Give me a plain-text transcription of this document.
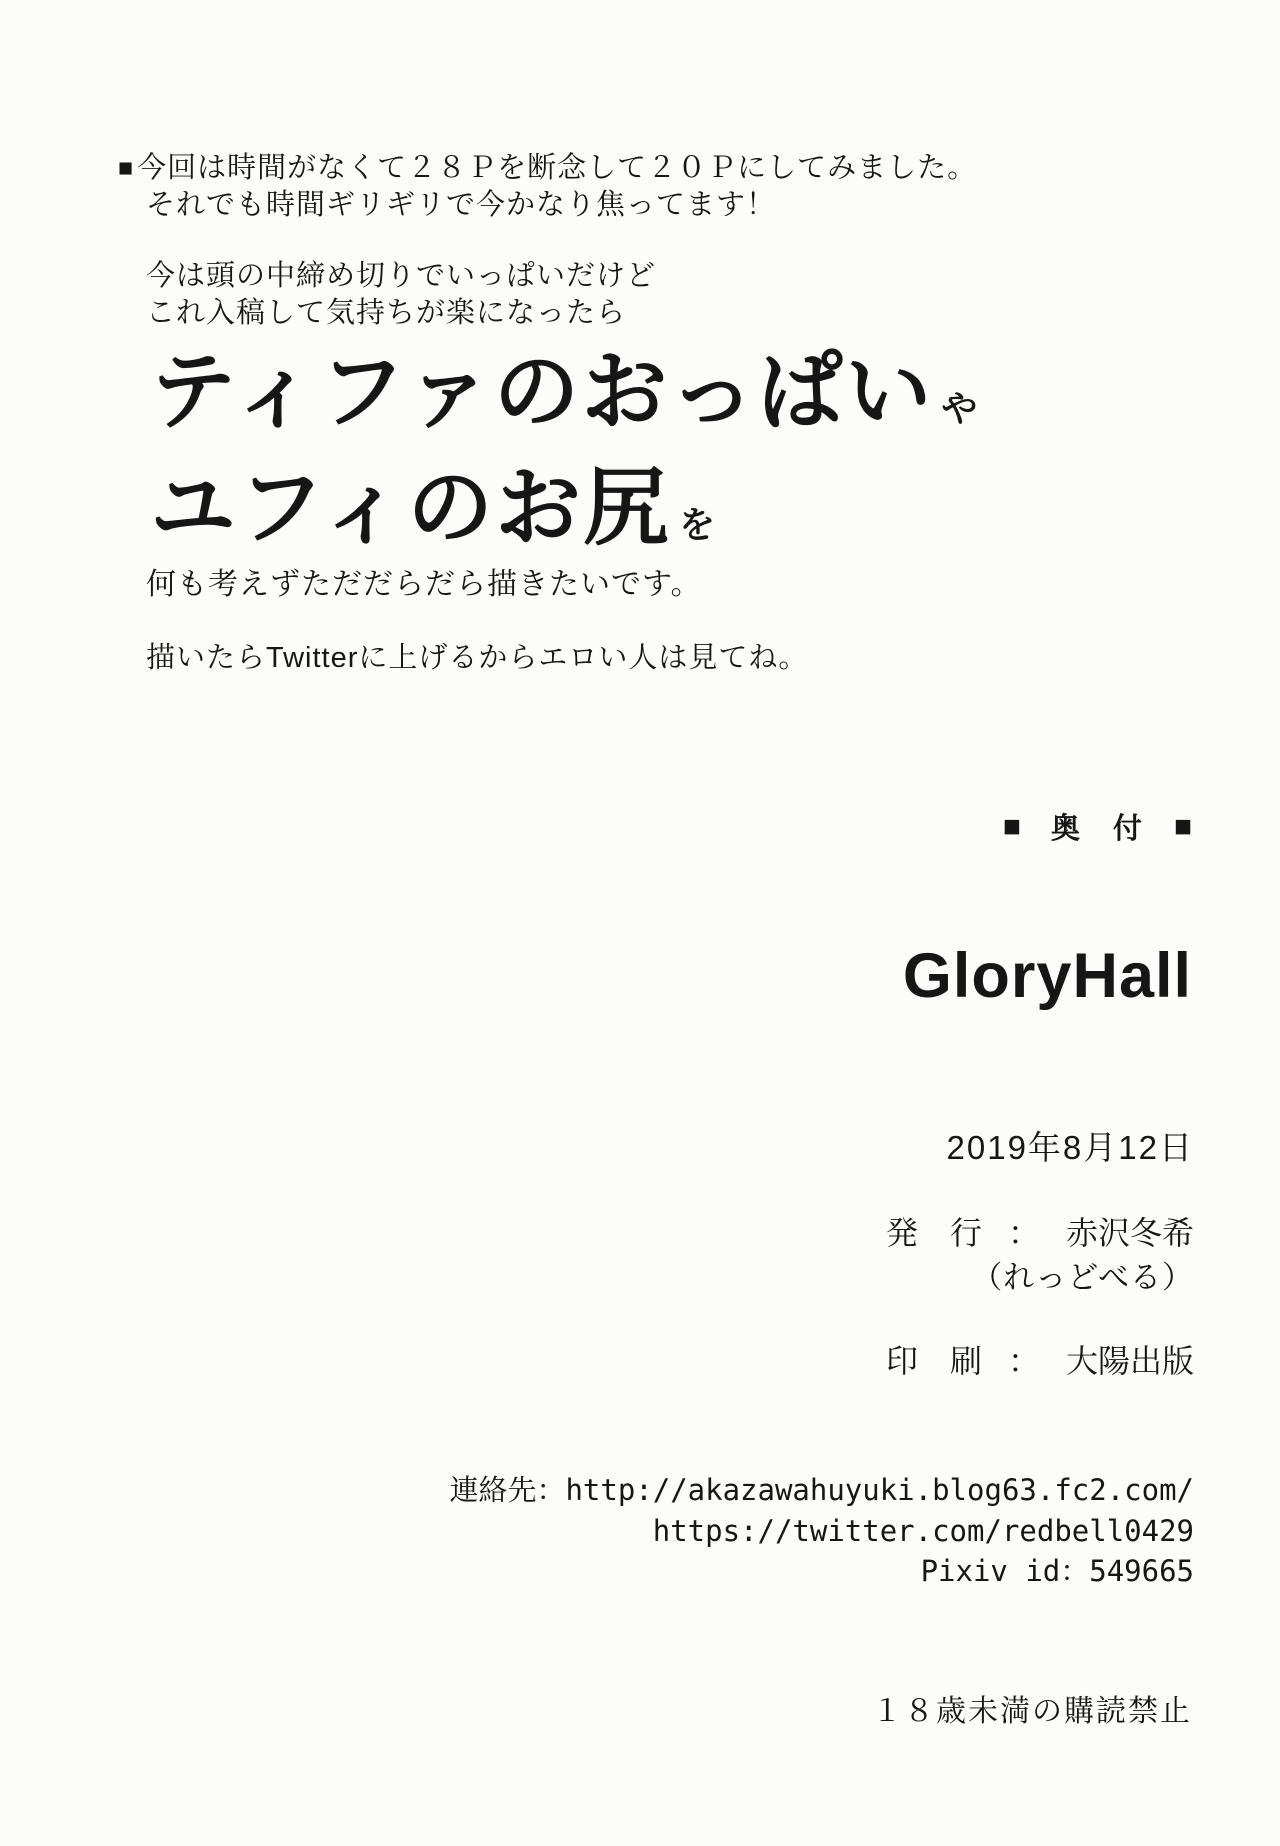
■ 今回は時間がなくて２８Ｐを断念して２０Ｐにしてみました。
それでも時間ギリギリで今かなり焦ってます！
今は頭の中締め切りでいっぱいだけど
これ入稿して気持ちが楽になったら
ティファのおっぱい や
ユフィのお尻 を
何も考えずただだらだら描きたいです。
描いたらTwitterに上げるからエロい人は見てね。
■ 奥　付 ■
GloryHall
2019年8月12日
発　行 ： 赤沢冬希
（れっどべる）
印　刷 ： 大陽出版
連絡先：http://akazawahuyuki.blog63.fc2.com/
https://twitter.com/redbell0429
Pixiv id：549665
１８歳未満の購読禁止
